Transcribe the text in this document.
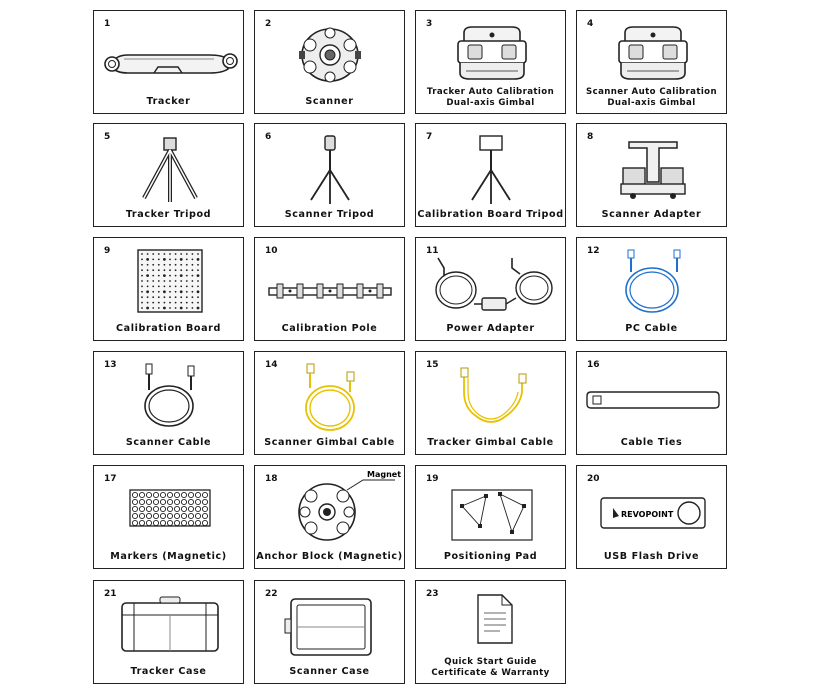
1
Tracker
2
Scanner
3
Tracker Auto Calibration
Dual-axis Gimbal
4
Scanner Auto Calibration
Dual-axis Gimbal
5
Tracker Tripod
6
Scanner Tripod
7
Calibration Board Tripod
8
Scanner Adapter
9
Calibration Board
10
Calibration Pole
11
Power Adapter
12
PC Cable
13
Scanner Cable
14
Scanner Gimbal Cable
15
Tracker Gimbal Cable
16
Cable Ties
17
Markers (Magnetic)
18	Magnet
Anchor Block (Magnetic)
19
Positioning Pad
20
REVOPOINT
USB Flash Drive
21
Tracker Case
22
Scanner Case
23
Quick Start Guide
Certificate & Warranty
